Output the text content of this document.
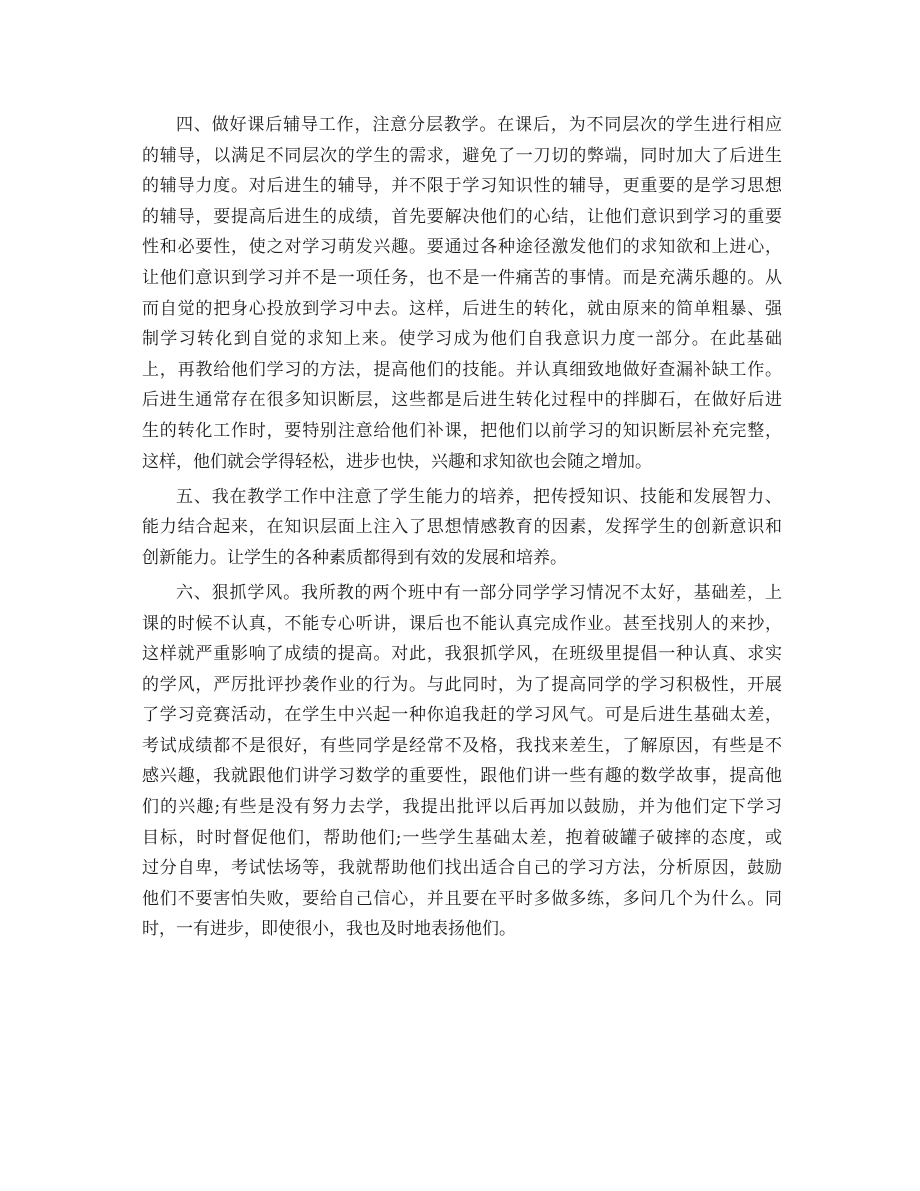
四、做好课后辅导工作，注意分层教学。在课后，为不同层次的学生进行相应
的辅导，以满足不同层次的学生的需求，避免了一刀切的弊端，同时加大了后进生
的辅导力度。对后进生的辅导，并不限于学习知识性的辅导，更重要的是学习思想
的辅导，要提高后进生的成绩，首先要解决他们的心结，让他们意识到学习的重要
性和必要性，使之对学习萌发兴趣。要通过各种途径激发他们的求知欲和上进心，
让他们意识到学习并不是一项任务，也不是一件痛苦的事情。而是充满乐趣的。从
而自觉的把身心投放到学习中去。这样，后进生的转化，就由原来的简单粗暴、强
制学习转化到自觉的求知上来。使学习成为他们自我意识力度一部分。在此基础
上，再教给他们学习的方法，提高他们的技能。并认真细致地做好查漏补缺工作。
后进生通常存在很多知识断层，这些都是后进生转化过程中的拌脚石，在做好后进
生的转化工作时，要特别注意给他们补课，把他们以前学习的知识断层补充完整，
这样，他们就会学得轻松，进步也快，兴趣和求知欲也会随之增加。
五、我在教学工作中注意了学生能力的培养，把传授知识、技能和发展智力、
能力结合起来，在知识层面上注入了思想情感教育的因素，发挥学生的创新意识和
创新能力。让学生的各种素质都得到有效的发展和培养。
六、狠抓学风。我所教的两个班中有一部分同学学习情况不太好，基础差，上
课的时候不认真，不能专心听讲，课后也不能认真完成作业。甚至找别人的来抄，
这样就严重影响了成绩的提高。对此，我狠抓学风，在班级里提倡一种认真、求实
的学风，严厉批评抄袭作业的行为。与此同时，为了提高同学的学习积极性，开展
了学习竞赛活动，在学生中兴起一种你追我赶的学习风气。可是后进生基础太差，
考试成绩都不是很好，有些同学是经常不及格，我找来差生，了解原因，有些是不
感兴趣，我就跟他们讲学习数学的重要性，跟他们讲一些有趣的数学故事，提高他
们的兴趣;有些是没有努力去学，我提出批评以后再加以鼓励，并为他们定下学习
目标，时时督促他们，帮助他们;一些学生基础太差，抱着破罐子破摔的态度，或
过分自卑，考试怯场等，我就帮助他们找出适合自己的学习方法，分析原因，鼓励
他们不要害怕失败，要给自己信心，并且要在平时多做多练，多问几个为什么。同
时，一有进步，即使很小，我也及时地表扬他们。
